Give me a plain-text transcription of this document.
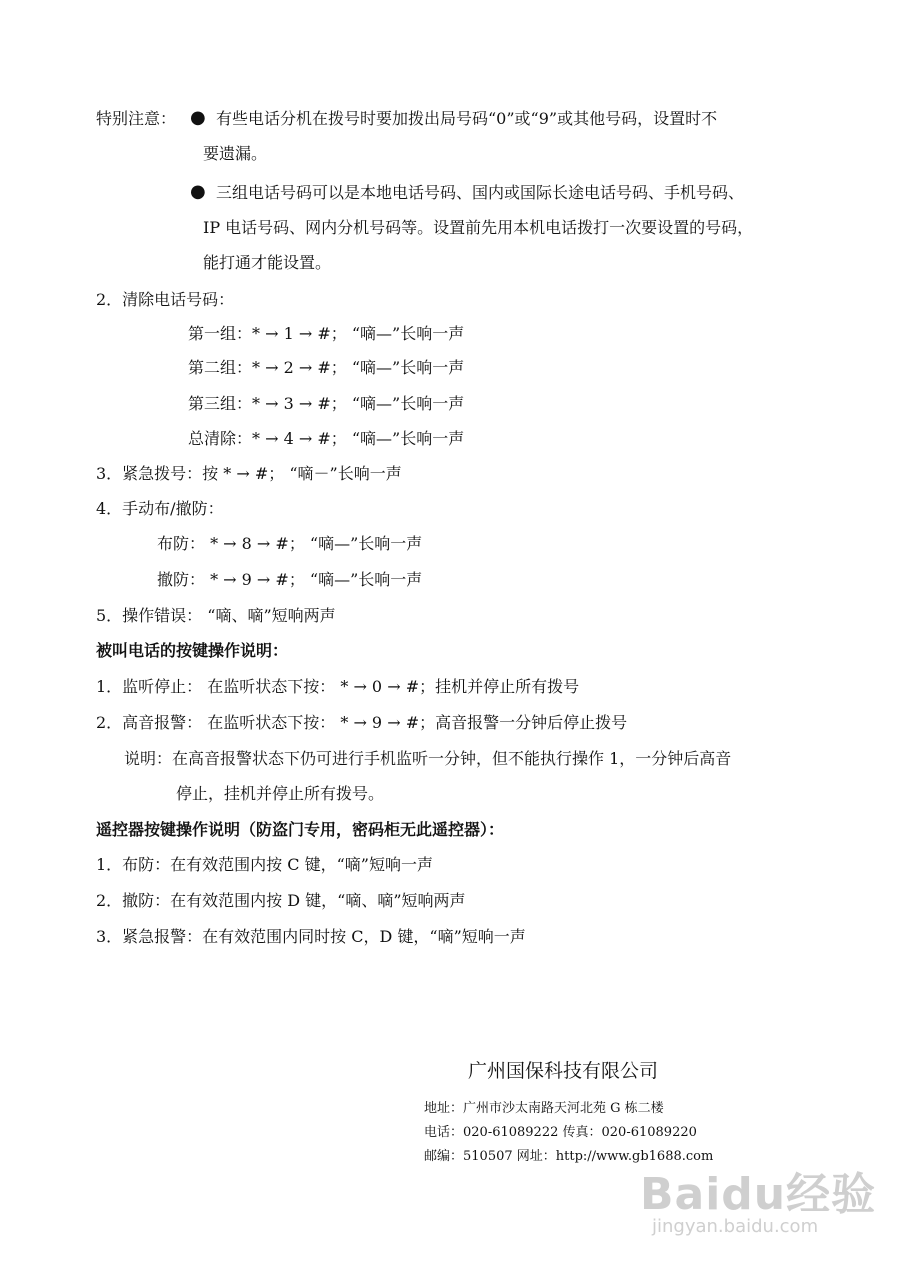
特别注意： ● 有些电话分机在拨号时要加拨出局号码“0”或“9”或其他号码，设置时不
要遗漏。
● 三组电话号码可以是本地电话号码、国内或国际长途电话号码、手机号码、
IP 电话号码、网内分机号码等。设置前先用本机电话拨打一次要设置的号码，
能打通才能设置。
2．清除电话号码：
第一组：* → 1 → #； “嘀—”长响一声
第二组：* → 2 → #； “嘀—”长响一声
第三组：* → 3 → #； “嘀—”长响一声
总清除：* → 4 → #； “嘀—”长响一声
3．紧急拨号：按 * → #； “嘀－”长响一声
4．手动布/撤防：
布防： * → 8 → #； “嘀—”长响一声
撤防： * → 9 → #； “嘀—”长响一声
5．操作错误： “嘀、嘀”短响两声
被叫电话的按键操作说明：
1．监听停止： 在监听状态下按： * → 0 → #；挂机并停止所有拨号
2．高音报警： 在监听状态下按： * → 9 → #；高音报警一分钟后停止拨号
说明：在高音报警状态下仍可进行手机监听一分钟，但不能执行操作 1，一分钟后高音
停止，挂机并停止所有拨号。
遥控器按键操作说明（防盗门专用，密码柜无此遥控器）：
1．布防：在有效范围内按 C 键，“嘀”短响一声
2．撤防：在有效范围内按 D 键，“嘀、嘀”短响两声
3．紧急报警：在有效范围内同时按 C，D 键，“嘀”短响一声
广州国保科技有限公司
地址：广州市沙太南路天河北苑 G 栋二楼
电话：020-61089222 传真：020-61089220
邮编：510507 网址：http://www.gb1688.com
Baidu经验
jingyan.baidu.com
